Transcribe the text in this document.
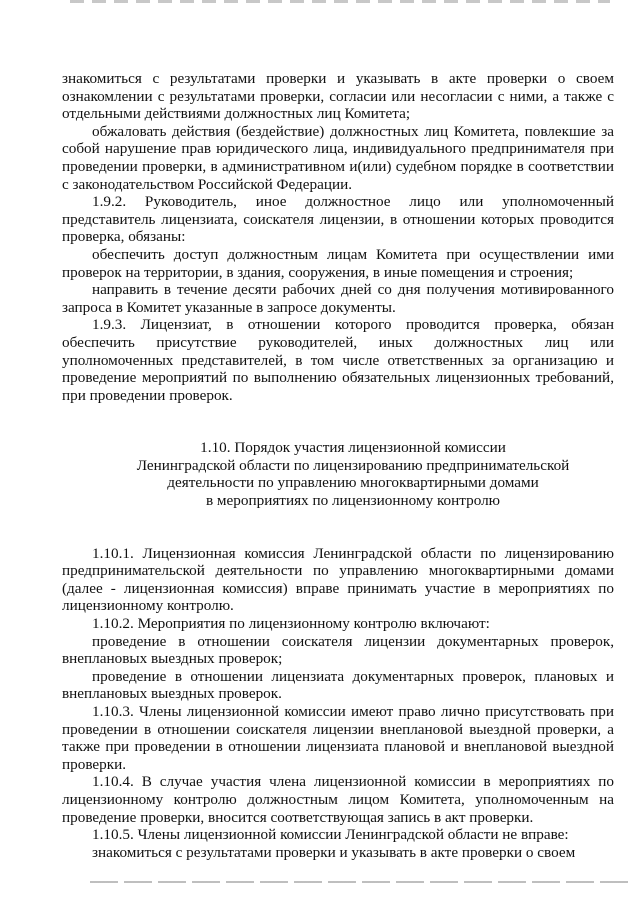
знакомиться с результатами проверки и указывать в акте проверки о своем ознакомлении с результатами проверки, согласии или несогласии с ними, а также с отдельными действиями должностных лиц Комитета;

обжаловать действия (бездействие) должностных лиц Комитета, повлекшие за собой нарушение прав юридического лица, индивидуального предпринимателя при проведении проверки, в административном и(или) судебном порядке в соответствии с законодательством Российской Федерации.

1.9.2. Руководитель, иное должностное лицо или уполномоченный представитель лицензиата, соискателя лицензии, в отношении которых проводится проверка, обязаны:

обеспечить доступ должностным лицам Комитета при осуществлении ими проверок на территории, в здания, сооружения, в иные помещения и строения;

направить в течение десяти рабочих дней со дня получения мотивированного запроса в Комитет указанные в запросе документы.

1.9.3. Лицензиат, в отношении которого проводится проверка, обязан обеспечить присутствие руководителей, иных должностных лиц или уполномоченных представителей, в том числе ответственных за организацию и проведение мероприятий по выполнению обязательных лицензионных требований, при проведении проверок.

1.10. Порядок участия лицензионной комиссии

Ленинградской области по лицензированию предпринимательской

деятельности по управлению многоквартирными домами

в мероприятиях по лицензионному контролю

1.10.1. Лицензионная комиссия Ленинградской области по лицензированию предпринимательской деятельности по управлению многоквартирными домами (далее - лицензионная комиссия) вправе принимать участие в мероприятиях по лицензионному контролю.

1.10.2. Мероприятия по лицензионному контролю включают:

проведение в отношении соискателя лицензии документарных проверок, внеплановых выездных проверок;

проведение в отношении лицензиата документарных проверок, плановых и внеплановых выездных проверок.

1.10.3. Члены лицензионной комиссии имеют право лично присутствовать при проведении в отношении соискателя лицензии внеплановой выездной проверки, а также при проведении в отношении лицензиата плановой и внеплановой выездной проверки.

1.10.4. В случае участия члена лицензионной комиссии в мероприятиях по лицензионному контролю должностным лицом Комитета, уполномоченным на проведение проверки, вносится соответствующая запись в акт проверки.

1.10.5. Члены лицензионной комиссии Ленинградской области не вправе:

знакомиться с результатами проверки и указывать в акте проверки о своем
